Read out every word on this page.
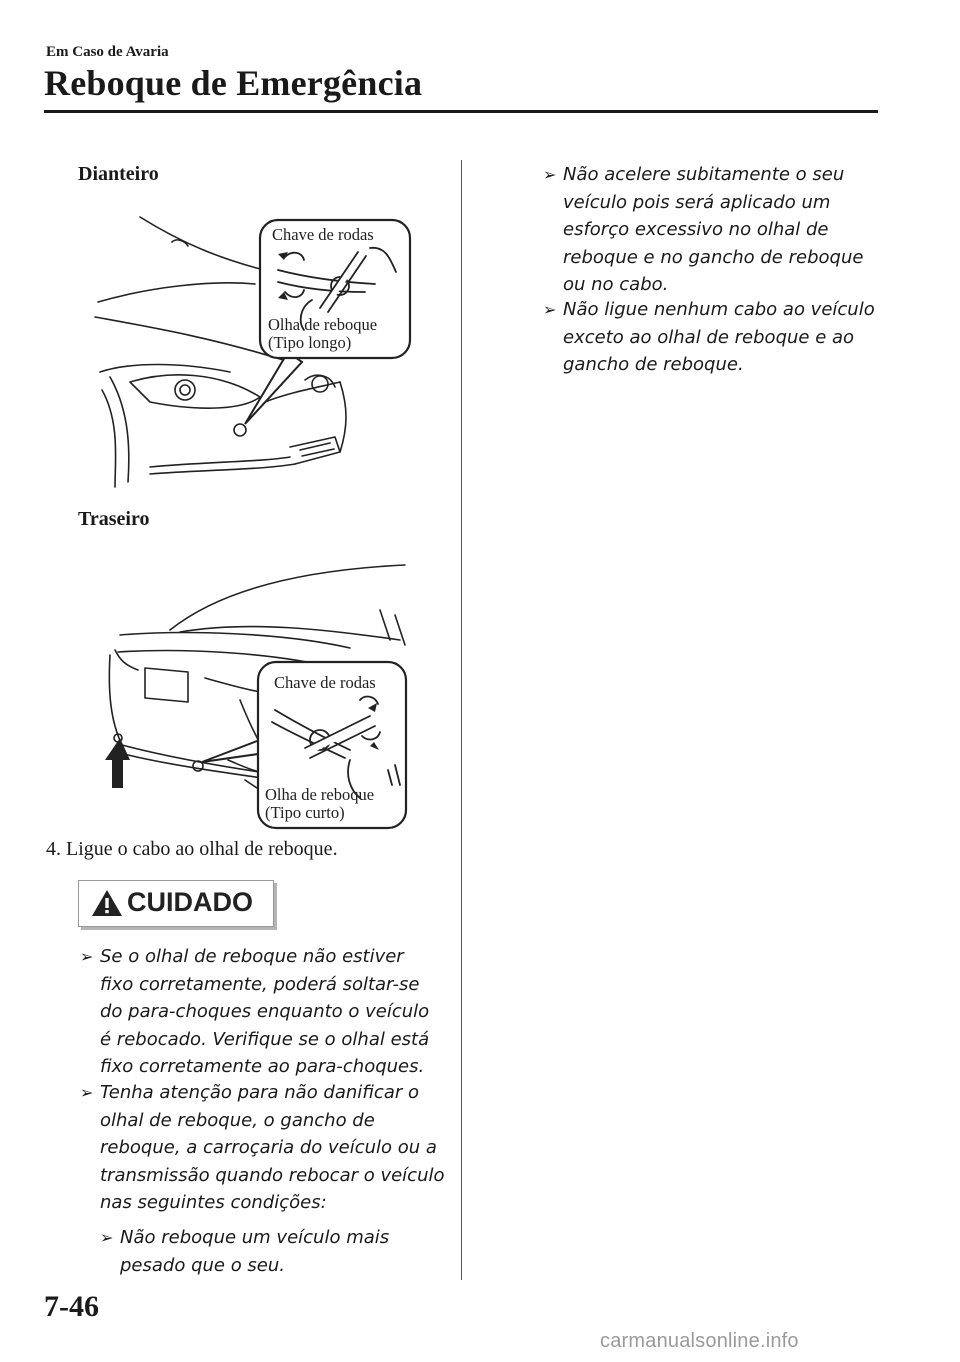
Em Caso de Avaria
Reboque de Emergência
Dianteiro
Chave de rodas
Olha de reboque
(Tipo longo)
Traseiro
Chave de rodas
Olha de reboque
(Tipo curto)
4. Ligue o cabo ao olhal de reboque.
CUIDADO
➢ Se o olhal de reboque não estiver fixo corretamente, poderá soltar-se do para-choques enquanto o veículo é rebocado. Verifique se o olhal está fixo corretamente ao para-choques.
➢ Tenha atenção para não danificar o olhal de reboque, o gancho de reboque, a carroçaria do veículo ou a transmissão quando rebocar o veículo nas seguintes condições:
➢ Não reboque um veículo mais pesado que o seu.
➢ Não acelere subitamente o seu veículo pois será aplicado um esforço excessivo no olhal de reboque e no gancho de reboque ou no cabo.
➢ Não ligue nenhum cabo ao veículo exceto ao olhal de reboque e ao gancho de reboque.
7-46
carmanualsonline.info
